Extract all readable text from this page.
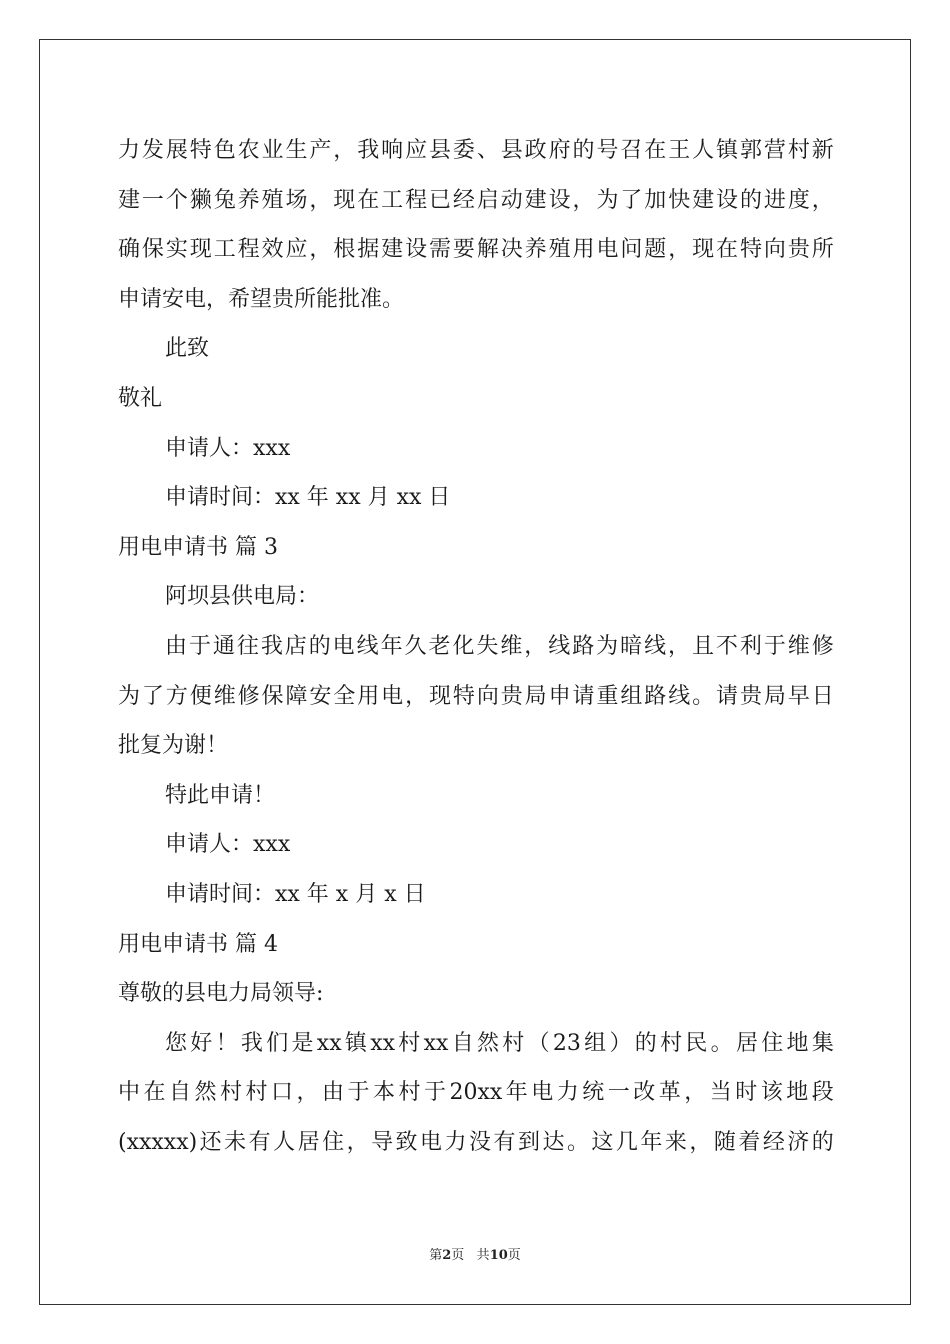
力 发 展 特 色 农 业 生 产 ， 我 响 应 县 委 、 县 政 府 的 号 召 在 王 人 镇 郭 营 村 新
建 一 个 獭 兔 养 殖 场 ， 现 在 工 程 已 经 启 动 建 设 ， 为 了 加 快 建 设 的 进 度 ，
确 保 实 现 工 程 效 应 ， 根 据 建 设 需 要 解 决 养 殖 用 电 问 题 ， 现 在 特 向 贵 所
申请安电，希望贵所能批准。
此致
敬礼
申请人：xxx
申请时间：xx 年 xx 月 xx 日
用电申请书 篇 3
阿坝县供电局：
由 于 通 往 我 店 的 电 线 年 久 老 化 失 维 ， 线 路 为 暗 线 ， 且 不 利 于 维 修
为 了 方 便 维 修 保 障 安 全 用 电 ， 现 特 向 贵 局 申 请 重 组 路 线 。 请 贵 局 早 日
批复为谢！
特此申请！
申请人：xxx
申请时间：xx 年 x 月 x 日
用电申请书 篇 4
尊敬的县电力局领导:
您 好 ！ 我 们 是 xx 镇 xx 村 xx 自 然 村 （ 23 组 ） 的 村 民 。 居 住 地 集
中 在 自 然 村 村 口 ， 由 于 本 村 于 20xx 年 电 力 统 一 改 革 ， 当 时 该 地 段
(xxxxx) 还 未 有 人 居 住 ， 导 致 电 力 没 有 到 达 。 这 几 年 来 ， 随 着 经 济 的
第2页 共10页
